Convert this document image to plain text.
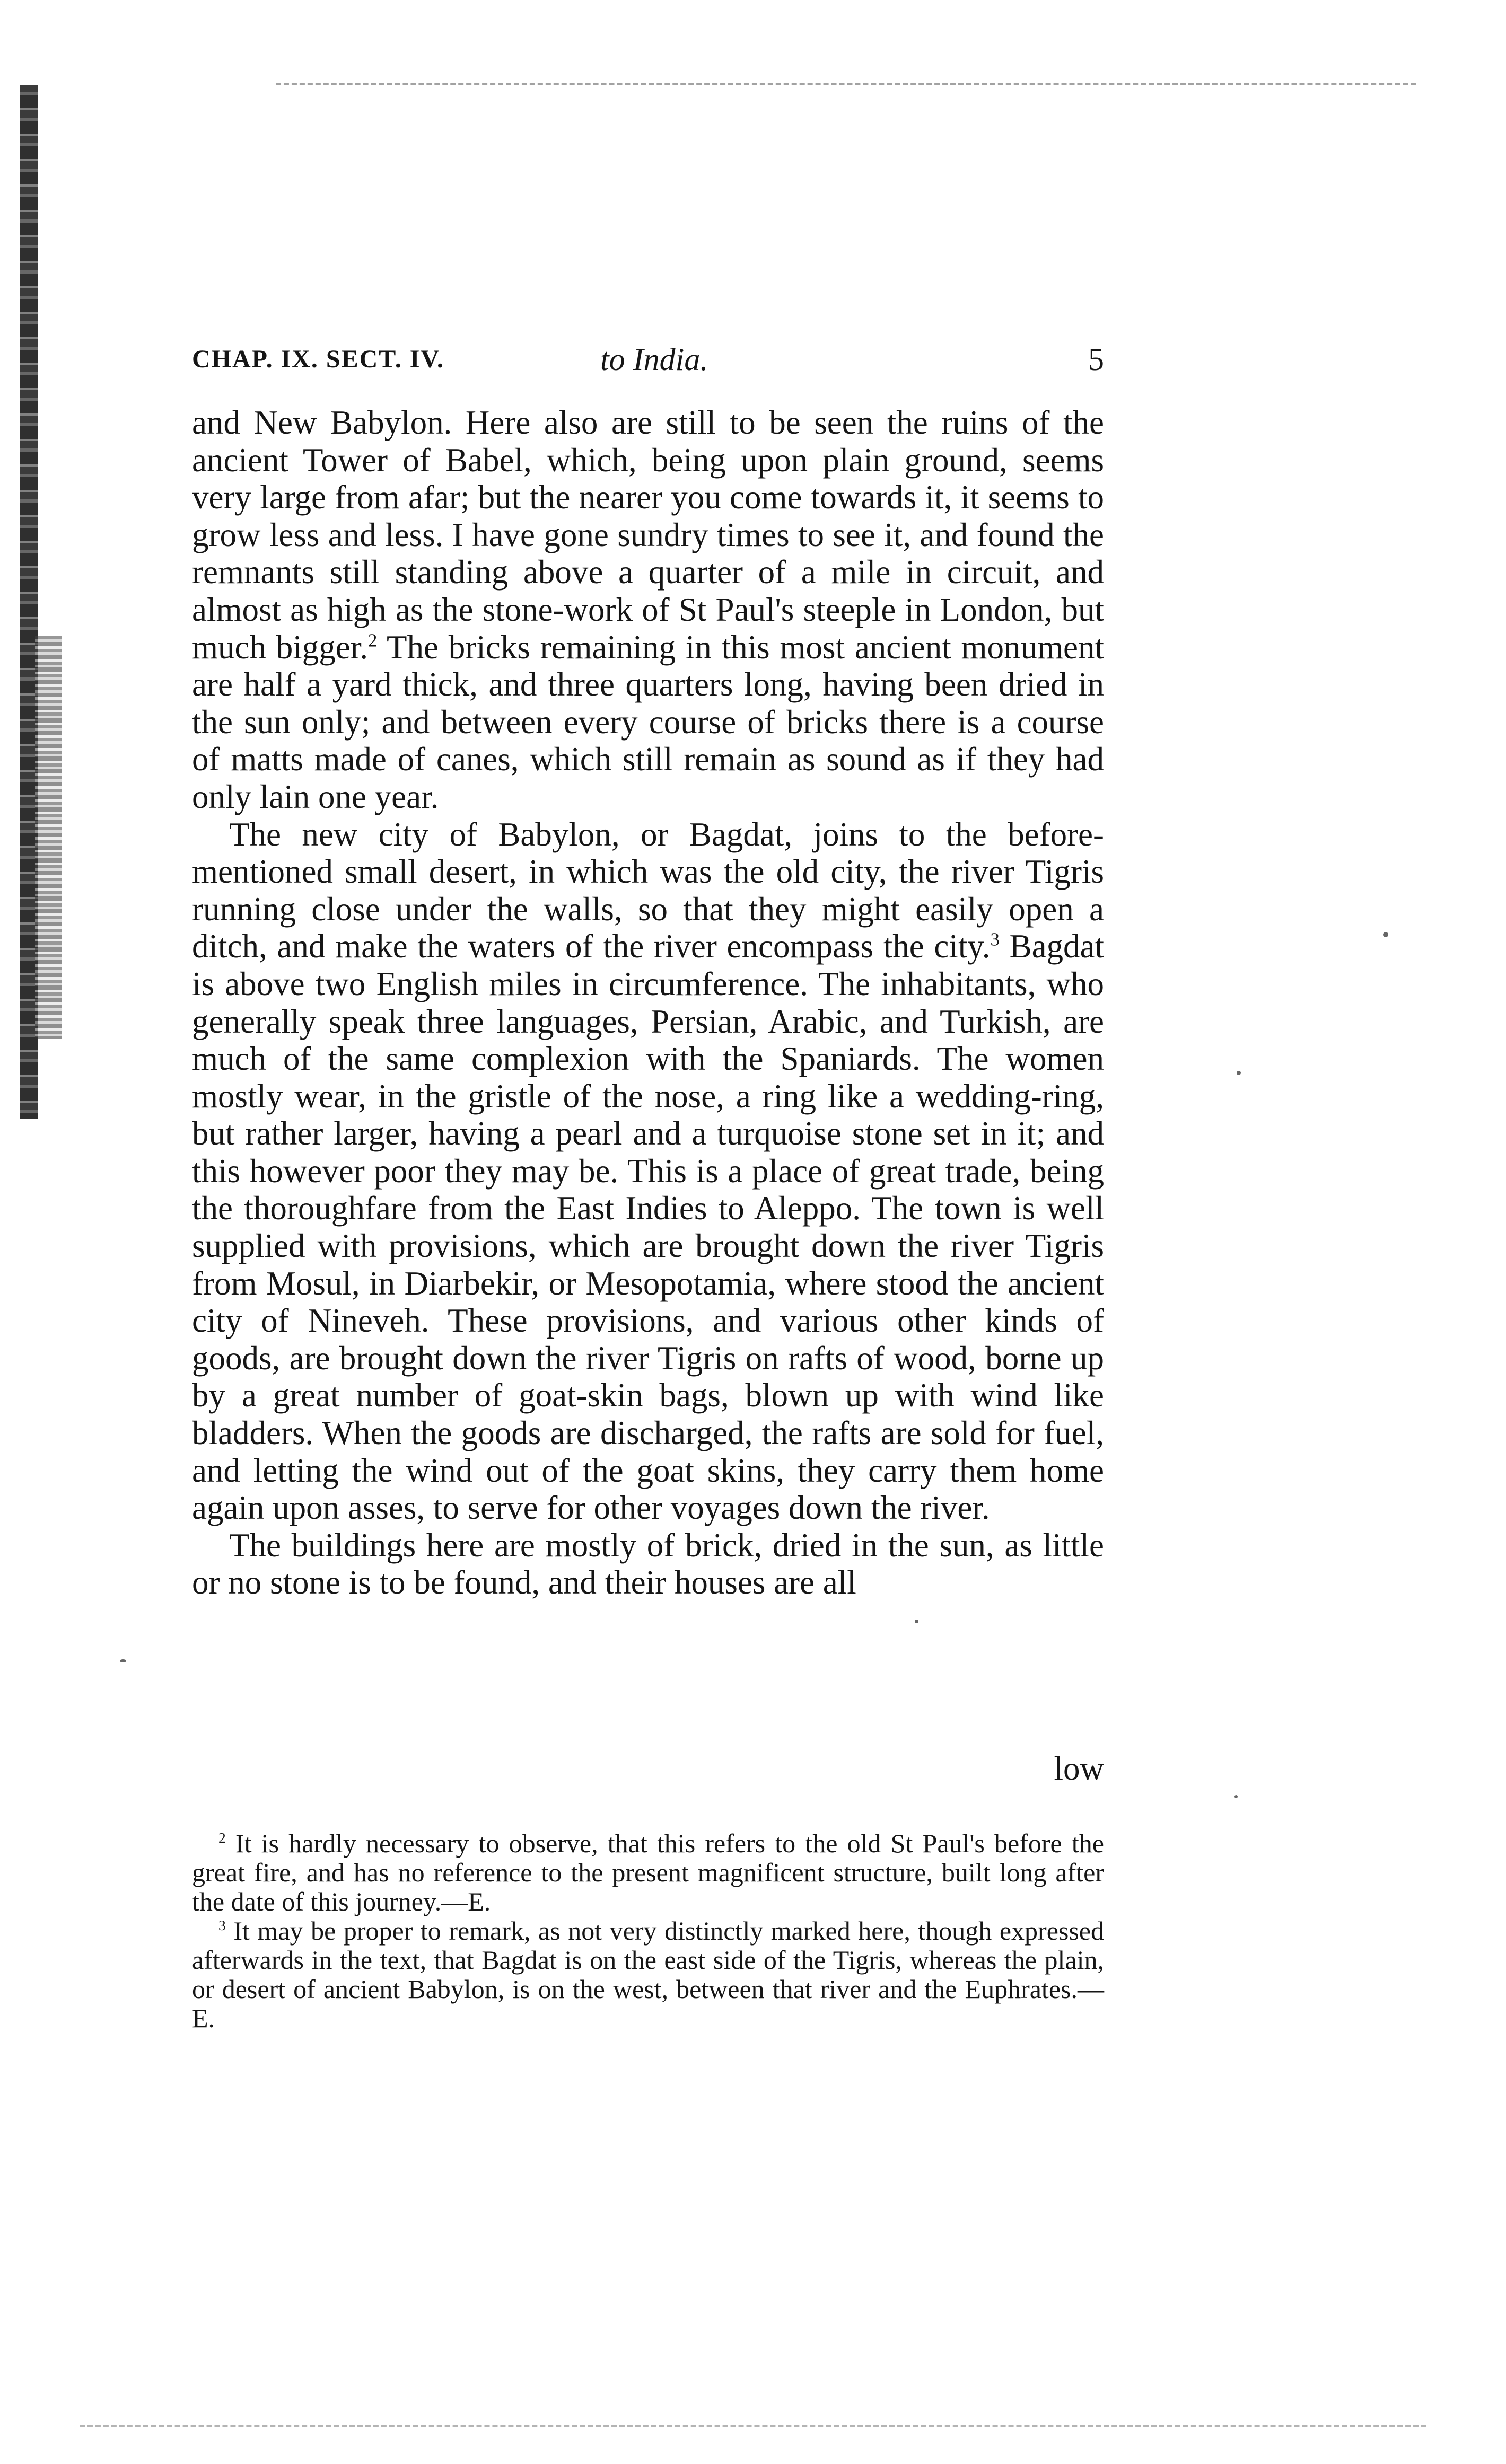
CHAP. IX. SECT. IV.	to India.	5

and New Babylon. Here also are still to be seen the ruins of the ancient Tower of Babel, which, being upon plain ground, seems very large from afar; but the nearer you come towards it, it seems to grow less and less. I have gone sundry times to see it, and found the remnants still standing above a quarter of a mile in circuit, and almost as high as the stone-work of St Paul's steeple in London, but much bigger.$^2$ The bricks remaining in this most ancient monument are half a yard thick, and three quarters long, having been dried in the sun only; and between every course of bricks there is a course of matts made of canes, which still remain as sound as if they had only lain one year.

The new city of Babylon, or Bagdat, joins to the before-mentioned small desert, in which was the old city, the river Tigris running close under the walls, so that they might easily open a ditch, and make the waters of the river encompass the city.$^3$ Bagdat is above two English miles in circumference. The inhabitants, who generally speak three languages, Persian, Arabic, and Turkish, are much of the same complexion with the Spaniards. The women mostly wear, in the gristle of the nose, a ring like a wedding-ring, but rather larger, having a pearl and a turquoise stone set in it; and this however poor they may be. This is a place of great trade, being the thoroughfare from the East Indies to Aleppo. The town is well supplied with provisions, which are brought down the river Tigris from Mosul, in Diarbekir, or Mesopotamia, where stood the ancient city of Nineveh. These provisions, and various other kinds of goods, are brought down the river Tigris on rafts of wood, borne up by a great number of goat-skin bags, blown up with wind like bladders. When the goods are discharged, the rafts are sold for fuel, and letting the wind out of the goat skins, they carry them home again upon asses, to serve for other voyages down the river.

The buildings here are mostly of brick, dried in the sun, as little or no stone is to be found, and their houses are all

low

$^2$ It is hardly necessary to observe, that this refers to the old St Paul's before the great fire, and has no reference to the present magnificent structure, built long after the date of this journey.—E.

$^3$ It may be proper to remark, as not very distinctly marked here, though expressed afterwards in the text, that Bagdat is on the east side of the Tigris, whereas the plain, or desert of ancient Babylon, is on the west, between that river and the Euphrates.—E.
